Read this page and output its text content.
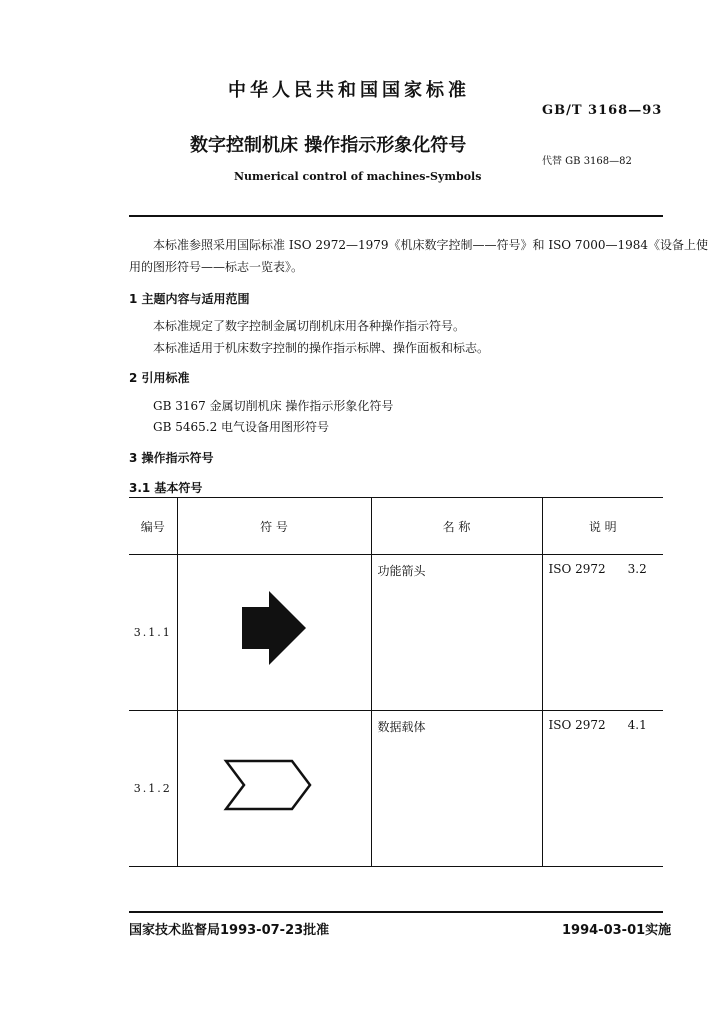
中华人民共和国国家标准
GB/T 3168—93
数字控制机床 操作指示形象化符号
代替 GB 3168—82
Numerical control of machines-Symbols
本标准参照采用国际标准 ISO 2972—1979《机床数字控制——符号》和 ISO 7000—1984《设备上使
用的图形符号——标志一览表》。
1 主题内容与适用范围
本标准规定了数字控制金属切削机床用各种操作指示符号。
本标准适用于机床数字控制的操作指示标牌、操作面板和标志。
2 引用标准
GB 3167 金属切削机床 操作指示形象化符号
GB 5465.2 电气设备用图形符号
3 操作指示符号
3.1 基本符号
编号	符 号	名 称	说 明
3.1.1		功能箭头	ISO 2972 3.2
3.1.2		数据载体	ISO 2972 4.1
国家技术监督局1993-07-23批准	1994-03-01实施
